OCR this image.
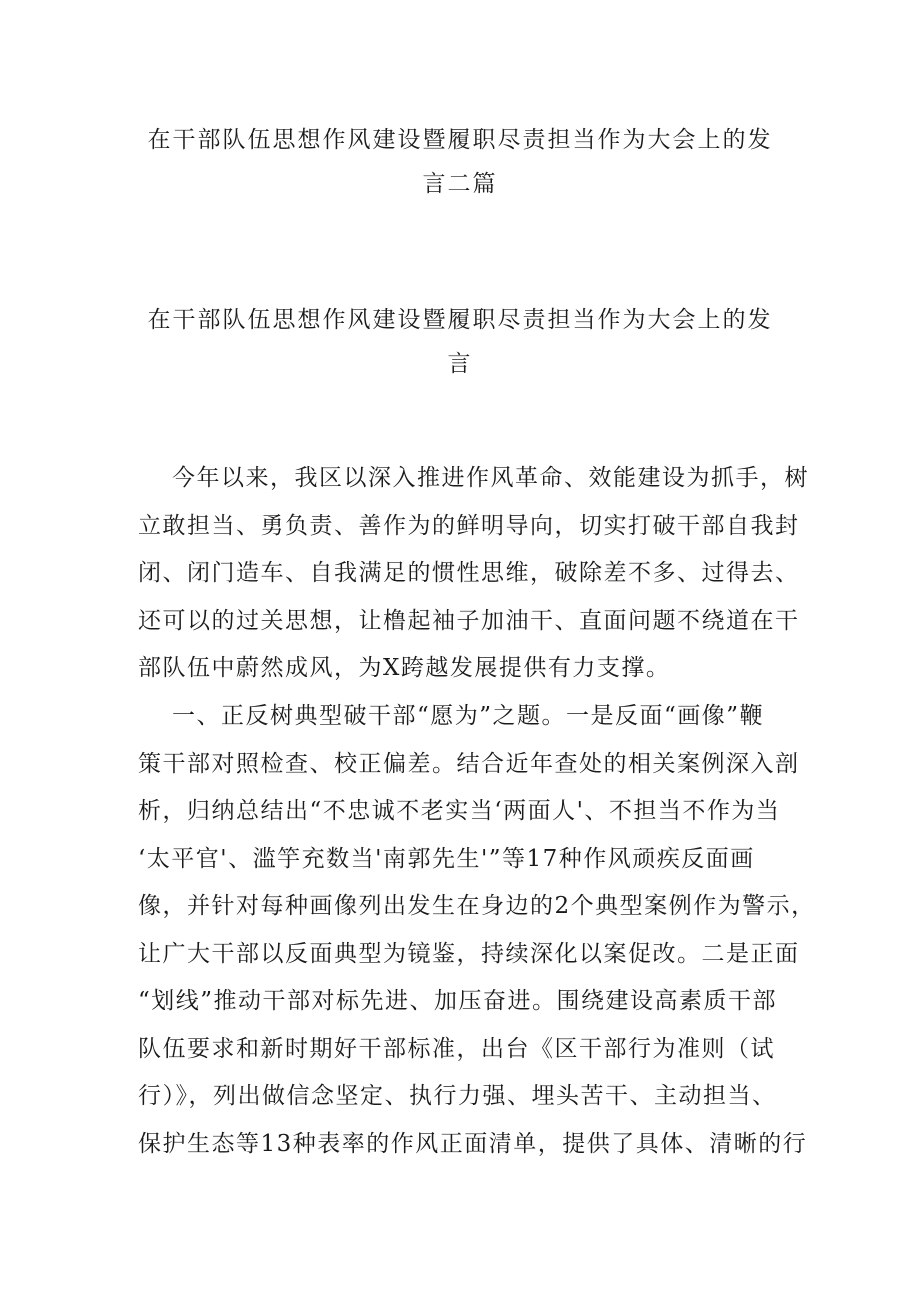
在干部队伍思想作风建设暨履职尽责担当作为大会上的发
言二篇
在干部队伍思想作风建设暨履职尽责担当作为大会上的发
言
今年以来，我区以深入推进作风革命、效能建设为抓手，树
立敢担当、勇负责、善作为的鲜明导向，切实打破干部自我封
闭、闭门造车、自我满足的惯性思维，破除差不多、过得去、
还可以的过关思想，让橹起袖子加油干、直面问题不绕道在干
部队伍中蔚然成风，为X跨越发展提供有力支撑。
一、正反树典型破干部“愿为”之题。一是反面“画像”鞭
策干部对照检查、校正偏差。结合近年查处的相关案例深入剖
析，归纳总结出“不忠诚不老实当‘两面人'、不担当不作为当
‘太平官'、滥竽充数当'南郭先生'”等17种作风顽疾反面画
像，并针对每种画像列出发生在身边的2个典型案例作为警示，
让广大干部以反面典型为镜鉴，持续深化以案促改。二是正面
“划线”推动干部对标先进、加压奋进。围绕建设高素质干部
队伍要求和新时期好干部标准，出台《区干部行为准则（试
行）》，列出做信念坚定、执行力强、埋头苦干、主动担当、
保护生态等13种表率的作风正面清单，提供了具体、清晰的行
